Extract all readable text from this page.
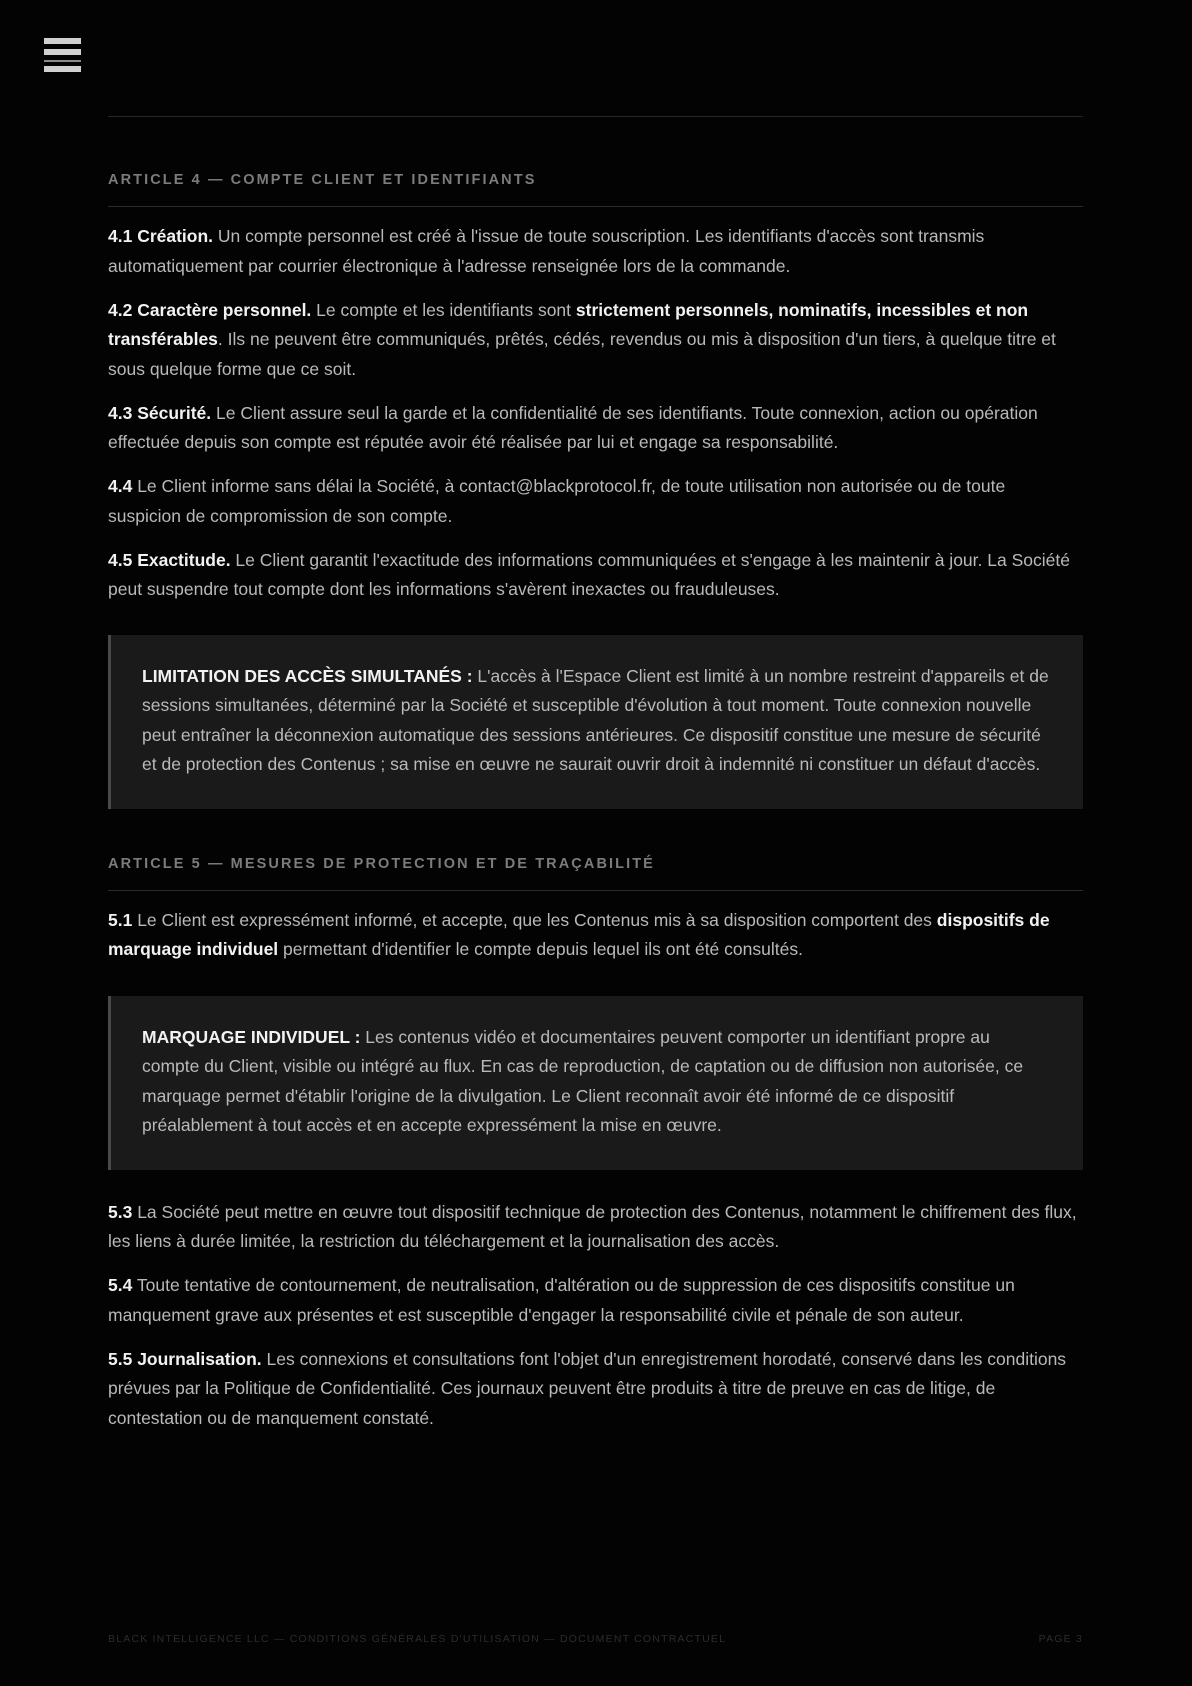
ARTICLE 4 — COMPTE CLIENT ET IDENTIFIANTS

4.1 Création. Un compte personnel est créé à l'issue de toute souscription. Les identifiants d'accès sont transmis automatiquement par courrier électronique à l'adresse renseignée lors de la commande.

4.2 Caractère personnel. Le compte et les identifiants sont strictement personnels, nominatifs, incessibles et non transférables. Ils ne peuvent être communiqués, prêtés, cédés, revendus ou mis à disposition d'un tiers, à quelque titre et sous quelque forme que ce soit.

4.3 Sécurité. Le Client assure seul la garde et la confidentialité de ses identifiants. Toute connexion, action ou opération effectuée depuis son compte est réputée avoir été réalisée par lui et engage sa responsabilité.

4.4 Le Client informe sans délai la Société, à contact@blackprotocol.fr, de toute utilisation non autorisée ou de toute suspicion de compromission de son compte.

4.5 Exactitude. Le Client garantit l'exactitude des informations communiquées et s'engage à les maintenir à jour. La Société peut suspendre tout compte dont les informations s'avèrent inexactes ou frauduleuses.

LIMITATION DES ACCÈS SIMULTANÉS : L'accès à l'Espace Client est limité à un nombre restreint d'appareils et de sessions simultanées, déterminé par la Société et susceptible d'évolution à tout moment. Toute connexion nouvelle peut entraîner la déconnexion automatique des sessions antérieures. Ce dispositif constitue une mesure de sécurité et de protection des Contenus ; sa mise en œuvre ne saurait ouvrir droit à indemnité ni constituer un défaut d'accès.
ARTICLE 5 — MESURES DE PROTECTION ET DE TRAÇABILITÉ

5.1 Le Client est expressément informé, et accepte, que les Contenus mis à sa disposition comportent des dispositifs de marquage individuel permettant d'identifier le compte depuis lequel ils ont été consultés.

MARQUAGE INDIVIDUEL : Les contenus vidéo et documentaires peuvent comporter un identifiant propre au compte du Client, visible ou intégré au flux. En cas de reproduction, de captation ou de diffusion non autorisée, ce marquage permet d'établir l'origine de la divulgation. Le Client reconnaît avoir été informé de ce dispositif préalablement à tout accès et en accepte expressément la mise en œuvre.

5.3 La Société peut mettre en œuvre tout dispositif technique de protection des Contenus, notamment le chiffrement des flux, les liens à durée limitée, la restriction du téléchargement et la journalisation des accès.

5.4 Toute tentative de contournement, de neutralisation, d'altération ou de suppression de ces dispositifs constitue un manquement grave aux présentes et est susceptible d'engager la responsabilité civile et pénale de son auteur.

5.5 Journalisation. Les connexions et consultations font l'objet d'un enregistrement horodaté, conservé dans les conditions prévues par la Politique de Confidentialité. Ces journaux peuvent être produits à titre de preuve en cas de litige, de contestation ou de manquement constaté.

BLACK INTELLIGENCE LLC — CONDITIONS GÉNÉRALES D'UTILISATION — DOCUMENT CONTRACTUEL	PAGE 3
